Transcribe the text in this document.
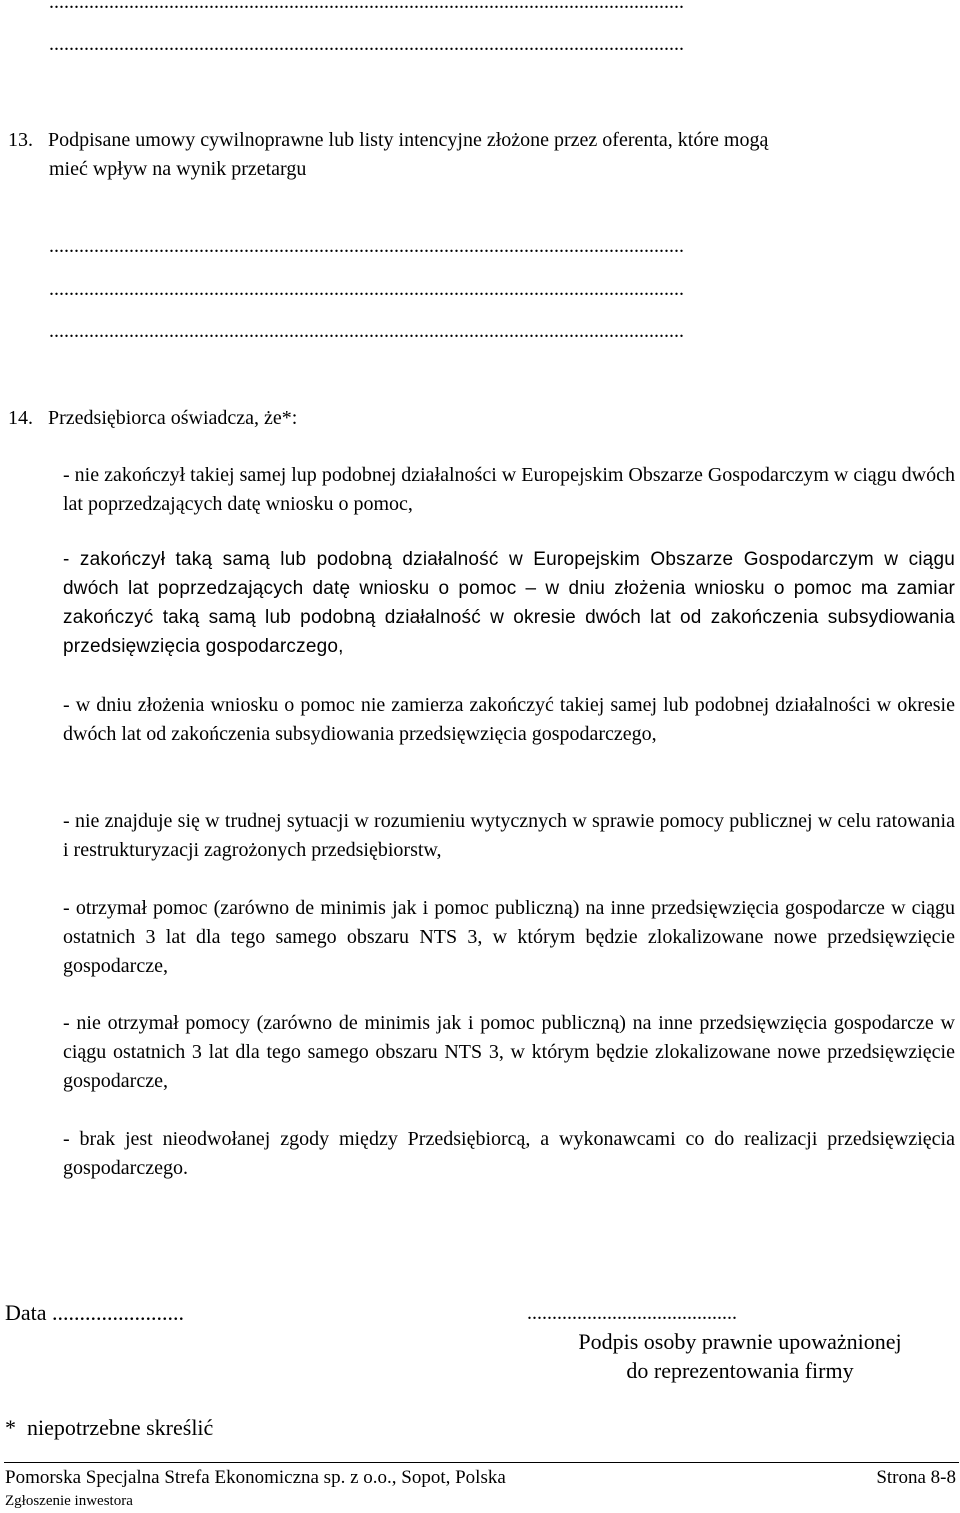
...............................................................................................................................
...............................................................................................................................
13. Podpisane umowy cywilnoprawne lub listy intencyjne złożone przez oferenta, które mogą
mieć wpływ na wynik przetargu
...............................................................................................................................
...............................................................................................................................
...............................................................................................................................
14. Przedsiębiorca oświadcza, że*:
- nie zakończył takiej samej lup podobnej działalności w Europejskim Obszarze Gospodarczym w ciągu dwóch lat poprzedzających datę wniosku o pomoc,
- zakończył taką samą lub podobną działalność w Europejskim Obszarze Gospodarczym w ciągu dwóch lat poprzedzających datę wniosku o pomoc – w dniu złożenia wniosku o pomoc ma zamiar zakończyć taką samą lub podobną działalność w okresie dwóch lat od zakończenia subsydiowania przedsięwzięcia gospodarczego,
- w dniu złożenia wniosku o pomoc nie zamierza zakończyć takiej samej lub podobnej działalności w okresie dwóch lat od zakończenia subsydiowania przedsięwzięcia gospodarczego,
- nie znajduje się w trudnej sytuacji w rozumieniu wytycznych w sprawie pomocy publicznej w celu ratowania i restrukturyzacji zagrożonych przedsiębiorstw,
- otrzymał pomoc (zarówno de minimis jak i pomoc publiczną) na inne przedsięwzięcia gospodarcze w ciągu ostatnich 3 lat dla tego samego obszaru NTS 3, w którym będzie zlokalizowane nowe przedsięwzięcie gospodarcze,
- nie otrzymał pomocy (zarówno de minimis jak i pomoc publiczną) na inne przedsięwzięcia gospodarcze w ciągu ostatnich 3 lat dla tego samego obszaru NTS 3, w którym będzie zlokalizowane nowe przedsięwzięcie gospodarcze,
- brak jest nieodwołanej zgody między Przedsiębiorcą, a wykonawcami co do realizacji przedsięwzięcia gospodarczego.
Data ........................	..........................................
Podpis osoby prawnie upoważnionej
do reprezentowania firmy
*  niepotrzebne skreślić
Pomorska Specjalna Strefa Ekonomiczna sp. z o.o., Sopot, Polska	Strona 8-8
Zgłoszenie inwestora
